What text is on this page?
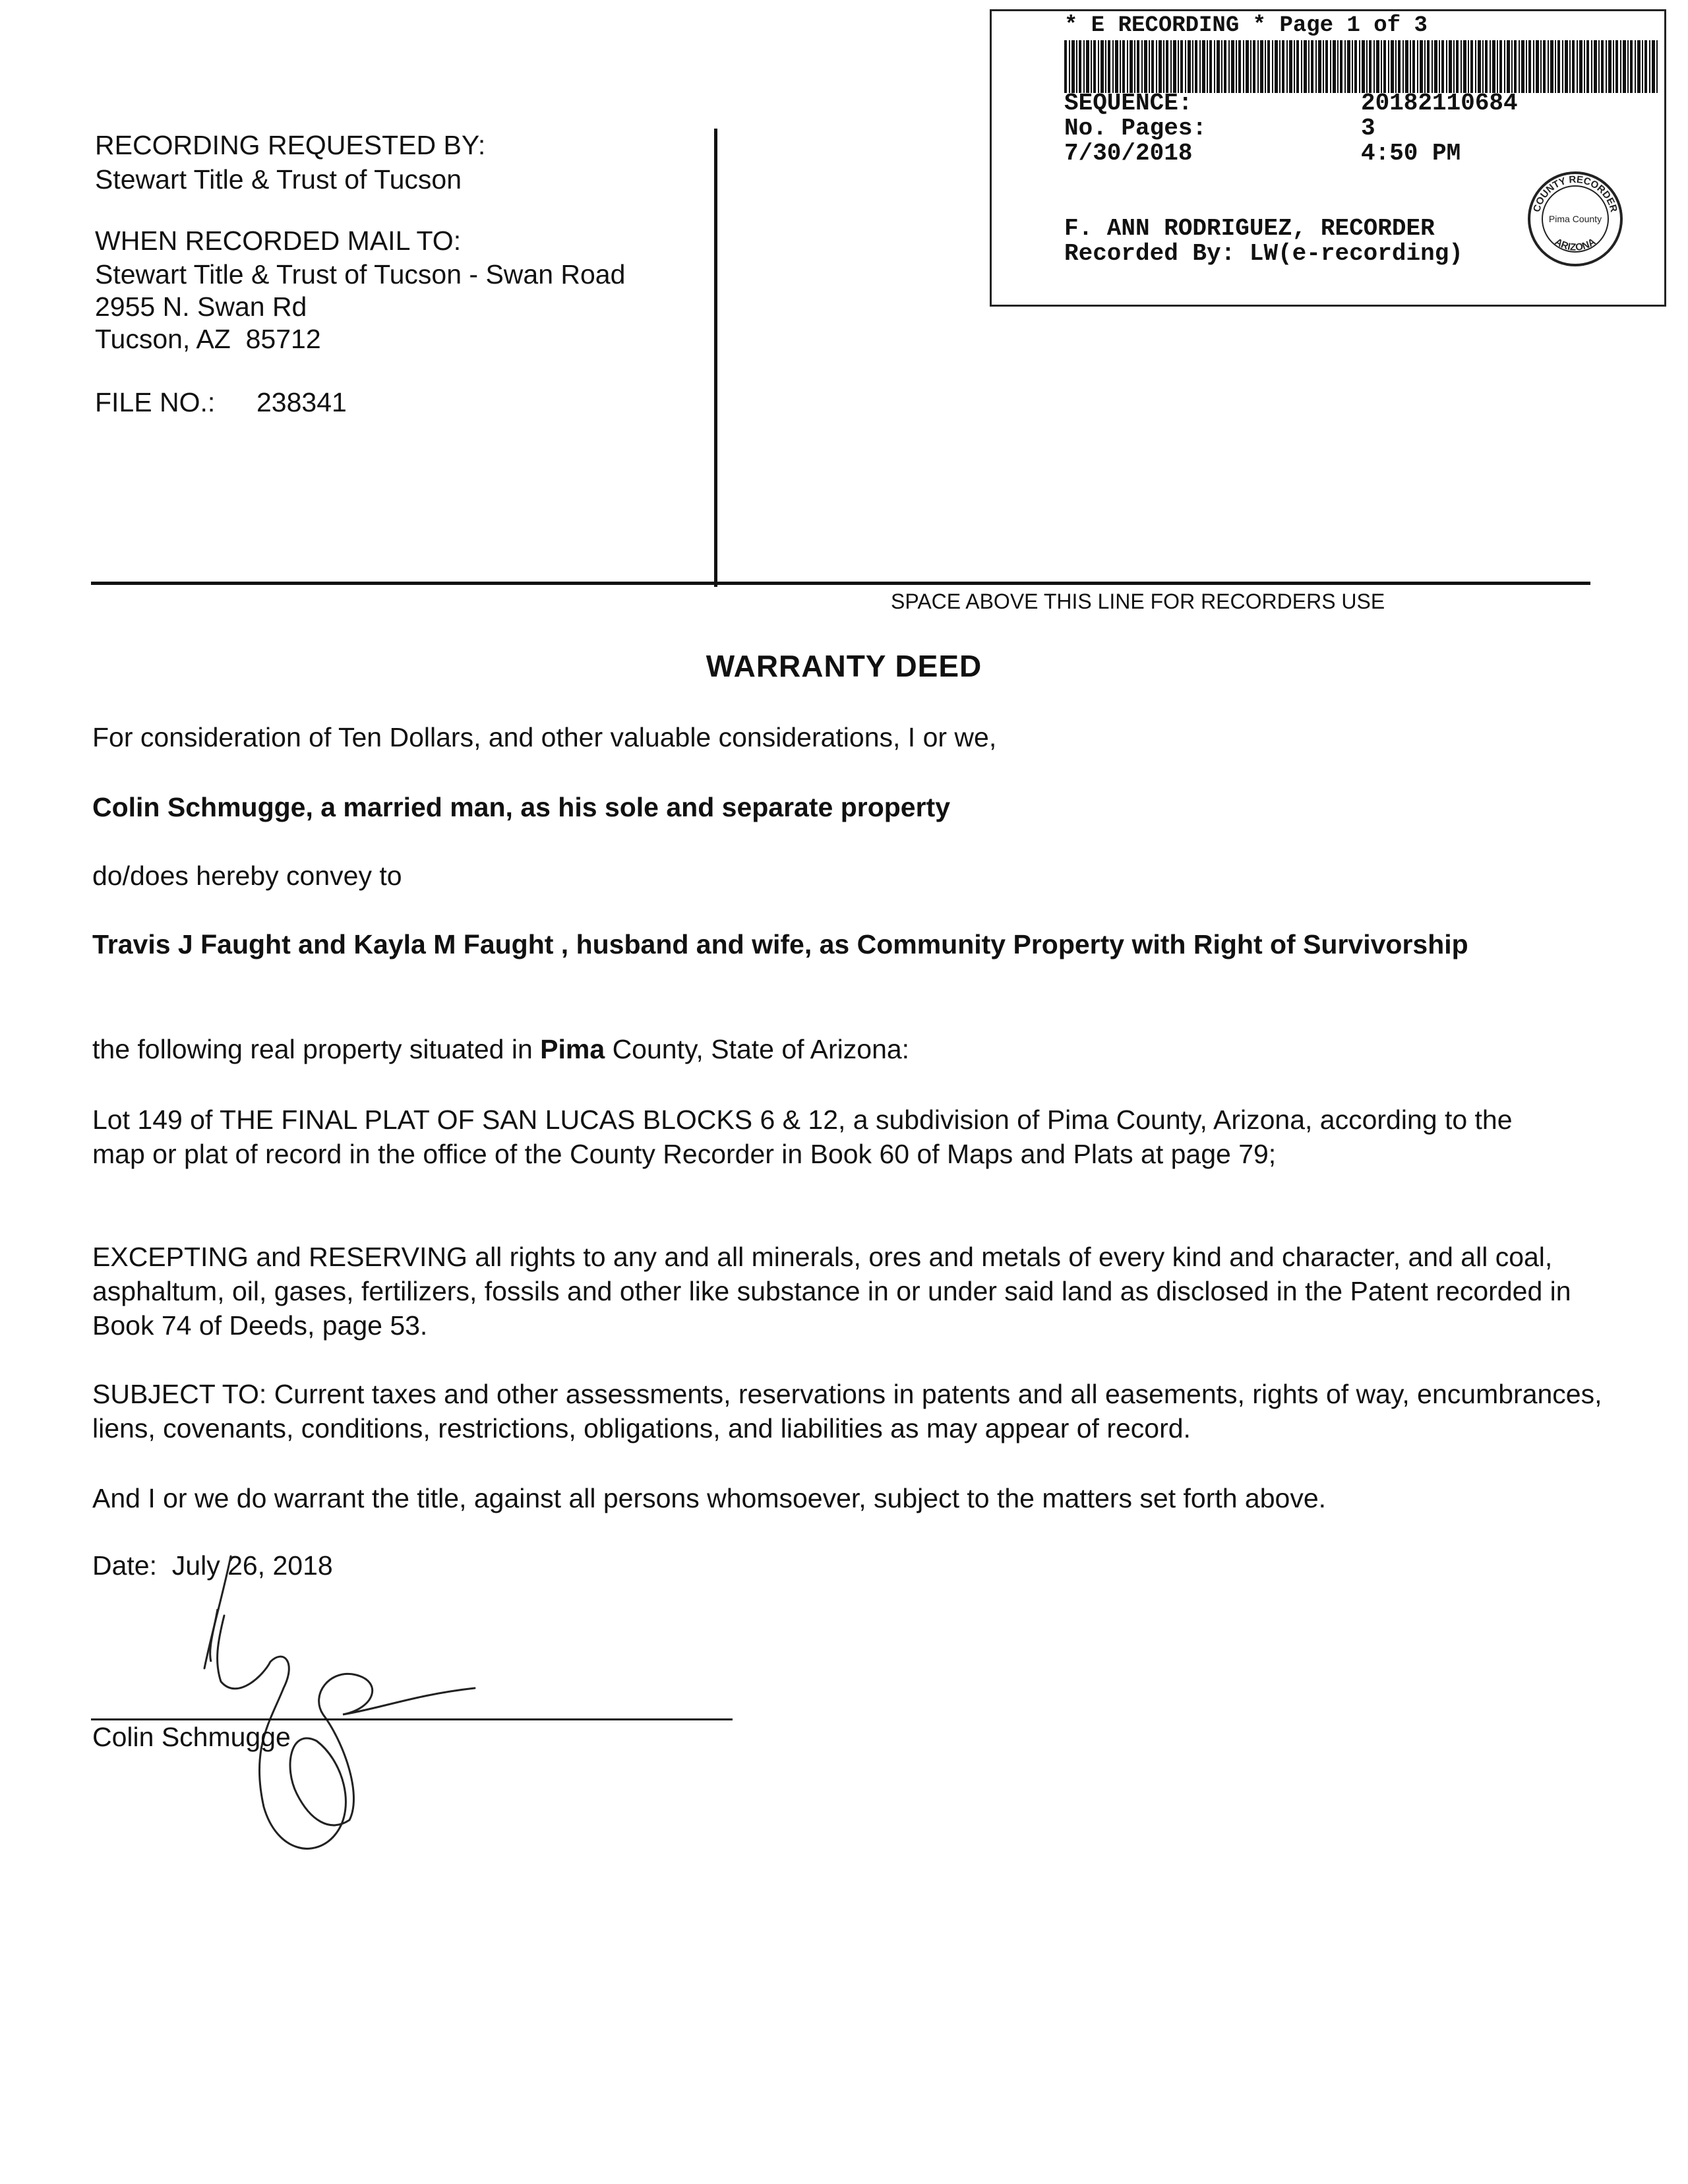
* E RECORDING * Page 1 of 3
SEQUENCE:	20182110684
No. Pages:	3
7/30/2018	4:50 PM
F. ANN RODRIGUEZ, RECORDER
Recorded By: LW(e-recording)
COUNTY RECORDER
ARIZONA
Pima County
RECORDING REQUESTED BY:
Stewart Title & Trust of Tucson
WHEN RECORDED MAIL TO:
Stewart Title & Trust of Tucson - Swan Road
2955 N. Swan Rd
Tucson, AZ  85712
FILE NO.: 238341
SPACE ABOVE THIS LINE FOR RECORDERS USE
WARRANTY DEED
For consideration of Ten Dollars, and other valuable considerations, I or we,
Colin Schmugge, a married man, as his sole and separate property
do/does hereby convey to
Travis J Faught and Kayla M Faught , husband and wife, as Community Property with Right of Survivorship
the following real property situated in Pima County, State of Arizona:
Lot 149 of THE FINAL PLAT OF SAN LUCAS BLOCKS 6 & 12, a subdivision of Pima County, Arizona, according to the map or plat of record in the office of the County Recorder in Book 60 of Maps and Plats at page 79;
EXCEPTING and RESERVING all rights to any and all minerals, ores and metals of every kind and character, and all coal, asphaltum, oil, gases, fertilizers, fossils and other like substance in or under said land as disclosed in the Patent recorded in Book 74 of Deeds, page 53.
SUBJECT TO: Current taxes and other assessments, reservations in patents and all easements, rights of way, encumbrances, liens, covenants, conditions, restrictions, obligations, and liabilities as may appear of record.
And I or we do warrant the title, against all persons whomsoever, subject to the matters set forth above.
Date:  July 26, 2018
Colin Schmugge
